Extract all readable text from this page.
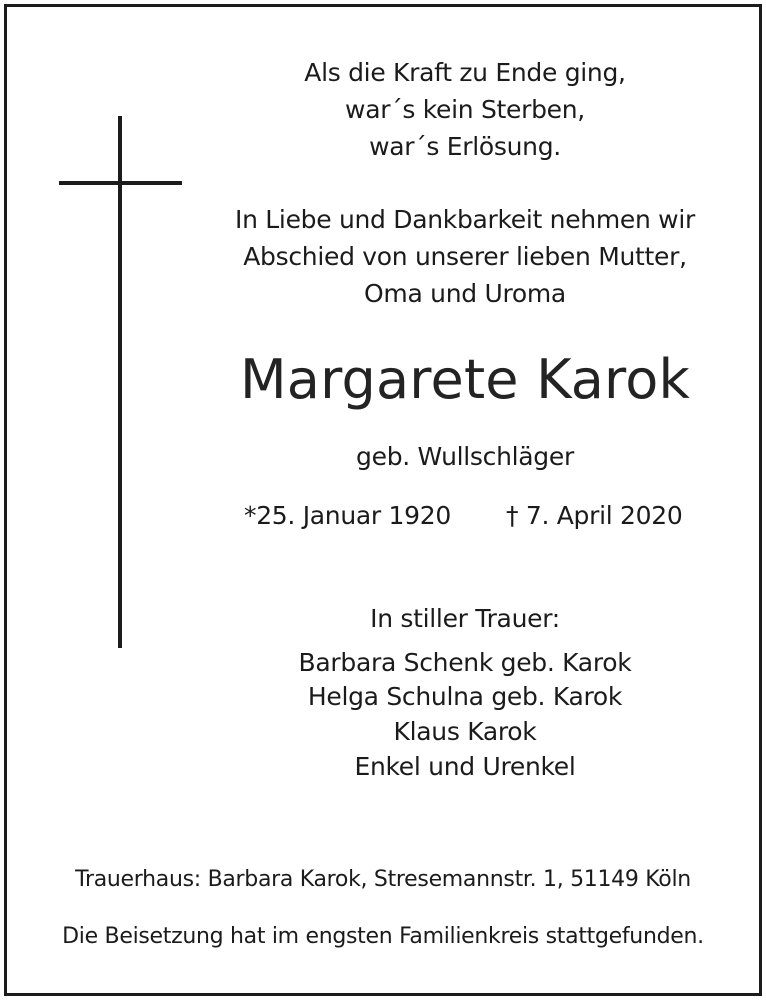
Als die Kraft zu Ende ging,
war´s kein Sterben,
war´s Erlösung.
In Liebe und Dankbarkeit nehmen wir
Abschied von unserer lieben Mutter,
Oma und Uroma
Margarete Karok
geb. Wullschläger
*25. Januar 1920 † 7. April 2020
In stiller Trauer:
Barbara Schenk geb. Karok
Helga Schulna geb. Karok
Klaus Karok
Enkel und Urenkel
Trauerhaus: Barbara Karok, Stresemannstr. 1, 51149 Köln
Die Beisetzung hat im engsten Familienkreis stattgefunden.
